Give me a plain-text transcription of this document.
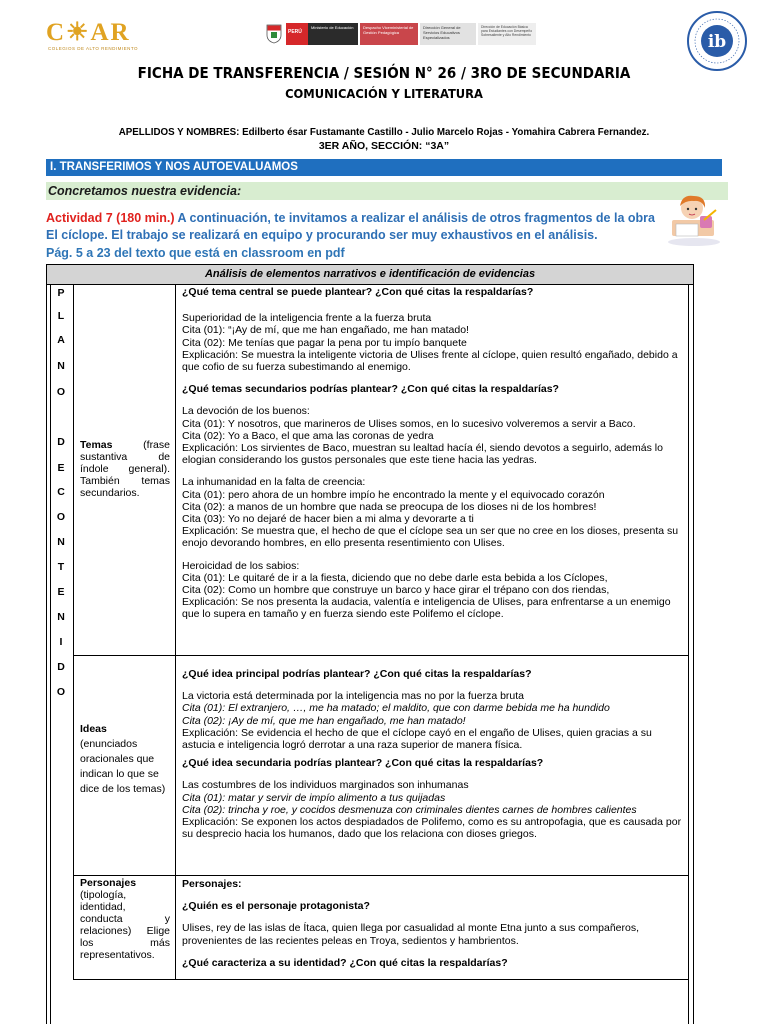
C☀AR
COLEGIOS DE ALTO RENDIMIENTO
PERÚ
Ministerio de Educación	Despacho Viceministerial de Gestión Pedagógica
Dirección General de Servicios Educativos Especializados
Dirección de Educación Básica para Estudiantes con Desempeño Sobresaliente y Alto Rendimiento	ib
FICHA DE TRANSFERENCIA / SESIÓN N° 26 / 3RO DE SECUNDARIA
COMUNICACIÓN Y LITERATURA
APELLIDOS Y NOMBRES: Edilberto ésar Fustamante Castillo - Julio Marcelo Rojas - Yomahira Cabrera Fernandez.
3ER AÑO, SECCIÓN: “3A”
I. TRANSFERIMOS Y NOS AUTOEVALUAMOS
Concretamos nuestra evidencia:
Actividad 7 (180 min.) A continuación, te invitamos a realizar el análisis de otros fragmentos de la obra El cíclope. El trabajo se realizará en equipo y procurando ser muy exhaustivos en el análisis.
Pág. 5 a 23 del texto que está en classroom en pdf
Análisis de elementos narrativos e identificación de evidencias
P
L
A
N
O
D
E
C
O
N
T
E
N
I
D
O
Temas (frase sustantiva de índole general). También temas secundarios.

¿Qué tema central se puede plantear? ¿Con qué citas la respaldarías?

Superioridad de la inteligencia frente a la fuerza bruta

Cita (01): “¡Ay de mí, que me han engañado, me han matado!

Cita (02): Me tenías que pagar la pena por tu impío banquete

Explicación: Se muestra la inteligente victoria de Ulises frente al cíclope, quien resultó engañado, debido a que cofio de su fuerza subestimando al enemigo.

¿Qué temas secundarios podrías plantear? ¿Con qué citas la respaldarías?

La devoción de los buenos:

Cita (01): Y nosotros, que marineros de Ulises somos, en lo sucesivo volveremos a servir a Baco.

Cita (02): Yo a Baco, el que ama las coronas de yedra

Explicación: Los sirvientes de Baco, muestran su lealtad hacía él, siendo devotos a seguirlo, además lo elogian considerando los gustos personales que este tiene hacia las yedras.

La inhumanidad en la falta de creencia:

Cita (01): pero ahora de un hombre impío he encontrado la mente y el equivocado corazón

Cita (02): a manos de un hombre que nada se preocupa de los dioses ni de los hombres!

Cita (03): Yo no dejaré de hacer bien a mi alma y devorarte a ti

Explicación: Se muestra que, el hecho de que el cíclope sea un ser que no cree en los dioses, presenta su enojo devorando hombres, en ello presenta resentimiento con Ulises.

Heroicidad de los sabios:

Cita (01): Le quitaré de ir a la fiesta, diciendo que no debe darle esta bebida a los Cíclopes,

Cita (02): Como un hombre que construye un barco y hace girar el trépano con dos riendas,

Explicación: Se nos presenta la audacia, valentía e inteligencia de Ulises, para enfrentarse a un enemigo que lo supera en tamaño y en fuerza siendo este Polifemo el cíclope.

Ideas
(enunciados oracionales que indican lo que se dice de los temas)

¿Qué idea principal podrías plantear? ¿Con qué citas la respaldarías?

La victoria está determinada por la inteligencia mas no por la fuerza bruta

Cita (01): El extranjero, …, me ha matado; el maldito, que con darme bebida me ha hundido

Cita (02): ¡Ay de mí, que me han engañado, me han matado!

Explicación: Se evidencia el hecho de que el cíclope cayó en el engaño de Ulises, quien gracias a su astucia e inteligencia logró derrotar a una raza superior de manera física.

¿Qué idea secundaria podrías plantear? ¿Con qué citas la respaldarías?

Las costumbres de los individuos marginados son inhumanas

Cita (01): matar y servir de impío alimento a tus quijadas

Cita (02): trincha y roe, y cocidos desmenuza con criminales dientes carnes de hombres calientes

Explicación: Se exponen los actos despiadados de Polifemo, como es su antropofagia, que es causada por su desprecio hacia los humanos, dado que los relaciona con dioses griegos.

Personajes
(tipología, identidad, conducta y relaciones) Elige los más representativos.

Personajes:

¿Quién es el personaje protagonista?

Ulises, rey de las islas de Ítaca, quien llega por casualidad al monte Etna junto a sus compañeros, provenientes de las recientes peleas en Troya, sedientos y hambrientos.

¿Qué caracteriza a su identidad? ¿Con qué citas la respaldarías?
